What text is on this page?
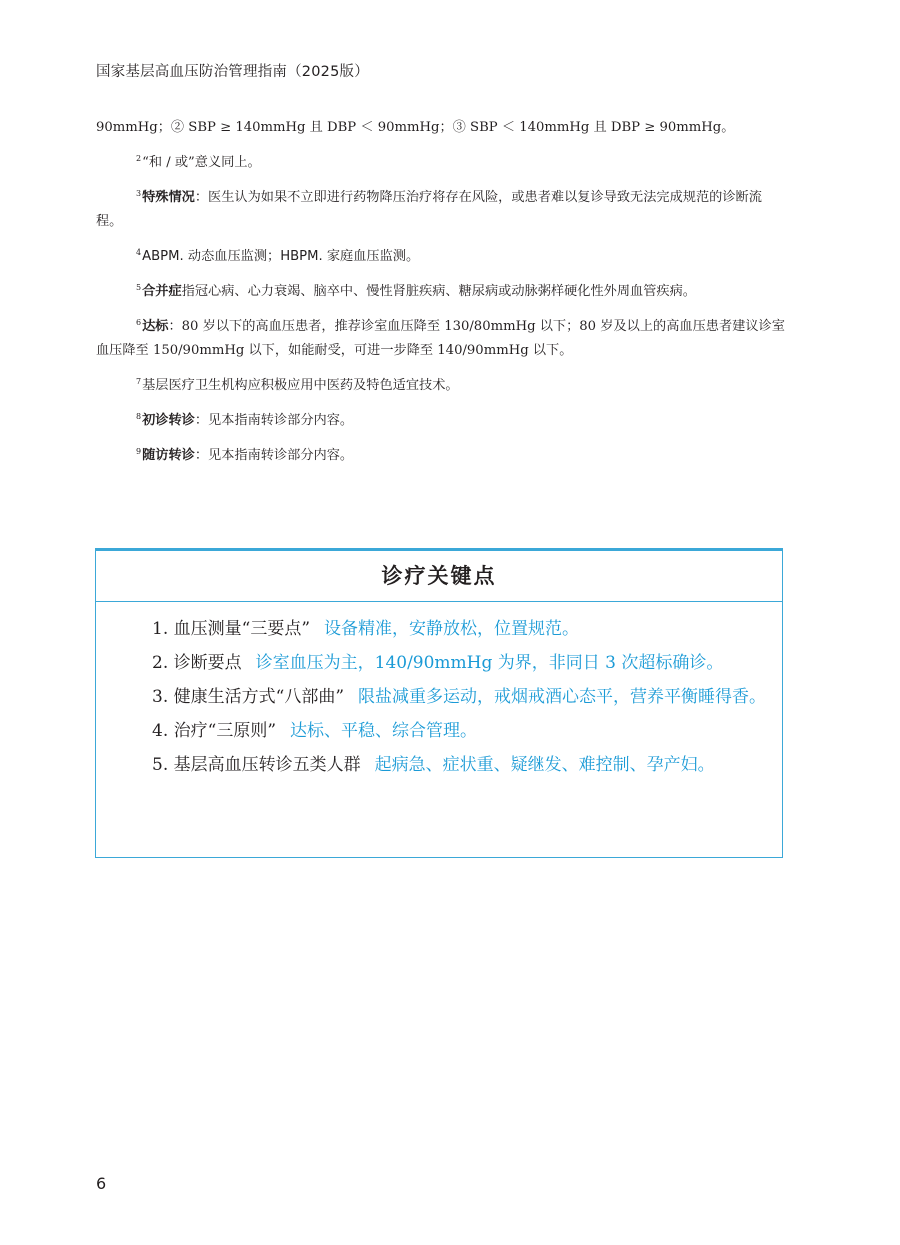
国家基层高血压防治管理指南（2025版）

90mmHg；② SBP ≥ 140mmHg 且 DBP ＜ 90mmHg；③ SBP ＜ 140mmHg 且 DBP ≥ 90mmHg。

$^2$“和 / 或”意义同上。

$^3$特殊情况：医生认为如果不立即进行药物降压治疗将存在风险，或患者难以复诊导致无法完成规范的诊断流程。

$^4$ABPM. 动态血压监测；HBPM. 家庭血压监测。

$^5$合并症指冠心病、心力衰竭、脑卒中、慢性肾脏疾病、糖尿病或动脉粥样硬化性外周血管疾病。

$^6$达标：80 岁以下的高血压患者，推荐诊室血压降至 130/80mmHg 以下；80 岁及以上的高血压患者建议诊室血压降至 150/90mmHg 以下，如能耐受，可进一步降至 140/90mmHg 以下。

$^7$基层医疗卫生机构应积极应用中医药及特色适宜技术。

$^8$初诊转诊：见本指南转诊部分内容。

$^9$随访转诊：见本指南转诊部分内容。

诊疗关键点

1. 血压测量“三要点” 设备精准，安静放松，位置规范。

2. 诊断要点 诊室血压为主，140/90mmHg 为界，非同日 3 次超标确诊。

3. 健康生活方式“八部曲” 限盐减重多运动，戒烟戒酒心态平，营养平衡睡得香。

4. 治疗“三原则” 达标、平稳、综合管理。

5. 基层高血压转诊五类人群 起病急、症状重、疑继发、难控制、孕产妇。

6
